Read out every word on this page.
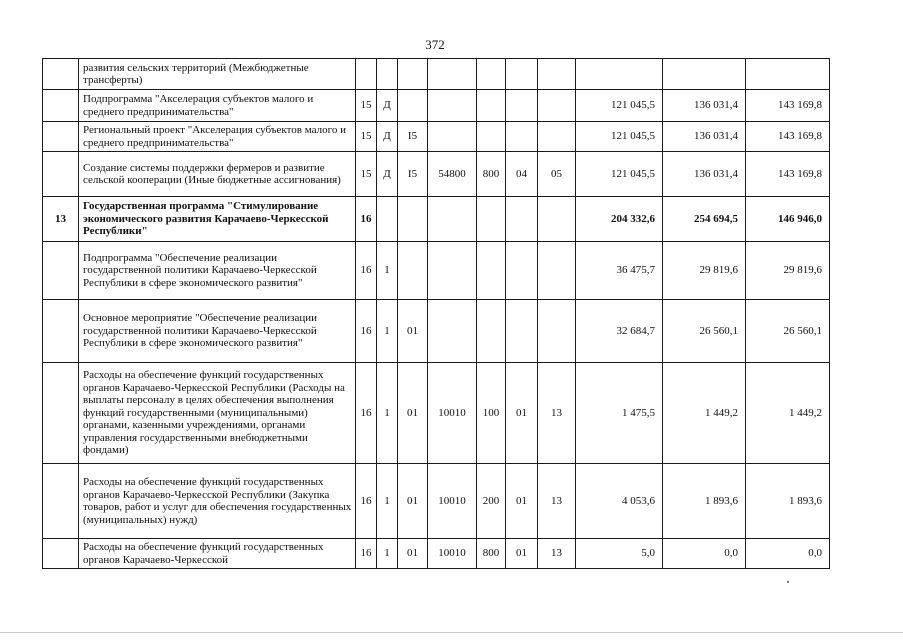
372
	развития сельских территорий (Межбюджетные трансферты)										
	Подпрограмма "Акселерация субъектов малого и среднего предпринимательства"	15	Д						121 045,5	136 031,4	143 169,8
	Региональный проект "Акселерация субъектов малого и среднего предпринимательства"	15	Д	I5					121 045,5	136 031,4	143 169,8
	Создание системы поддержки фермеров и развитие сельской кооперации (Иные бюджетные ассигнования)	15	Д	I5	54800	800	04	05	121 045,5	136 031,4	143 169,8
13	Государственная программа "Стимулирование экономического развития Карачаево-Черкесской Республики"	16							204 332,6	254 694,5	146 946,0
	Подпрограмма "Обеспечение реализации государственной политики Карачаево-Черкесской Республики в сфере экономического развития"	16	1						36 475,7	29 819,6	29 819,6
	Основное мероприятие "Обеспечение реализации государственной политики Карачаево-Черкесской Республики в сфере экономического развития"	16	1	01					32 684,7	26 560,1	26 560,1
	Расходы на обеспечение функций государственных органов Карачаево-Черкесской Республики (Расходы на выплаты персоналу в целях обеспечения выполнения функций государственными (муниципальными) органами, казенными учреждениями, органами управления государственными внебюджетными фондами)	16	1	01	10010	100	01	13	1 475,5	1 449,2	1 449,2
	Расходы на обеспечение функций государственных органов Карачаево-Черкесской Республики (Закупка товаров, работ и услуг для обеспечения государственных (муниципальных) нужд)	16	1	01	10010	200	01	13	4 053,6	1 893,6	1 893,6
	Расходы на обеспечение функций государственных органов Карачаево-Черкесской	16	1	01	10010	800	01	13	5,0	0,0	0,0
